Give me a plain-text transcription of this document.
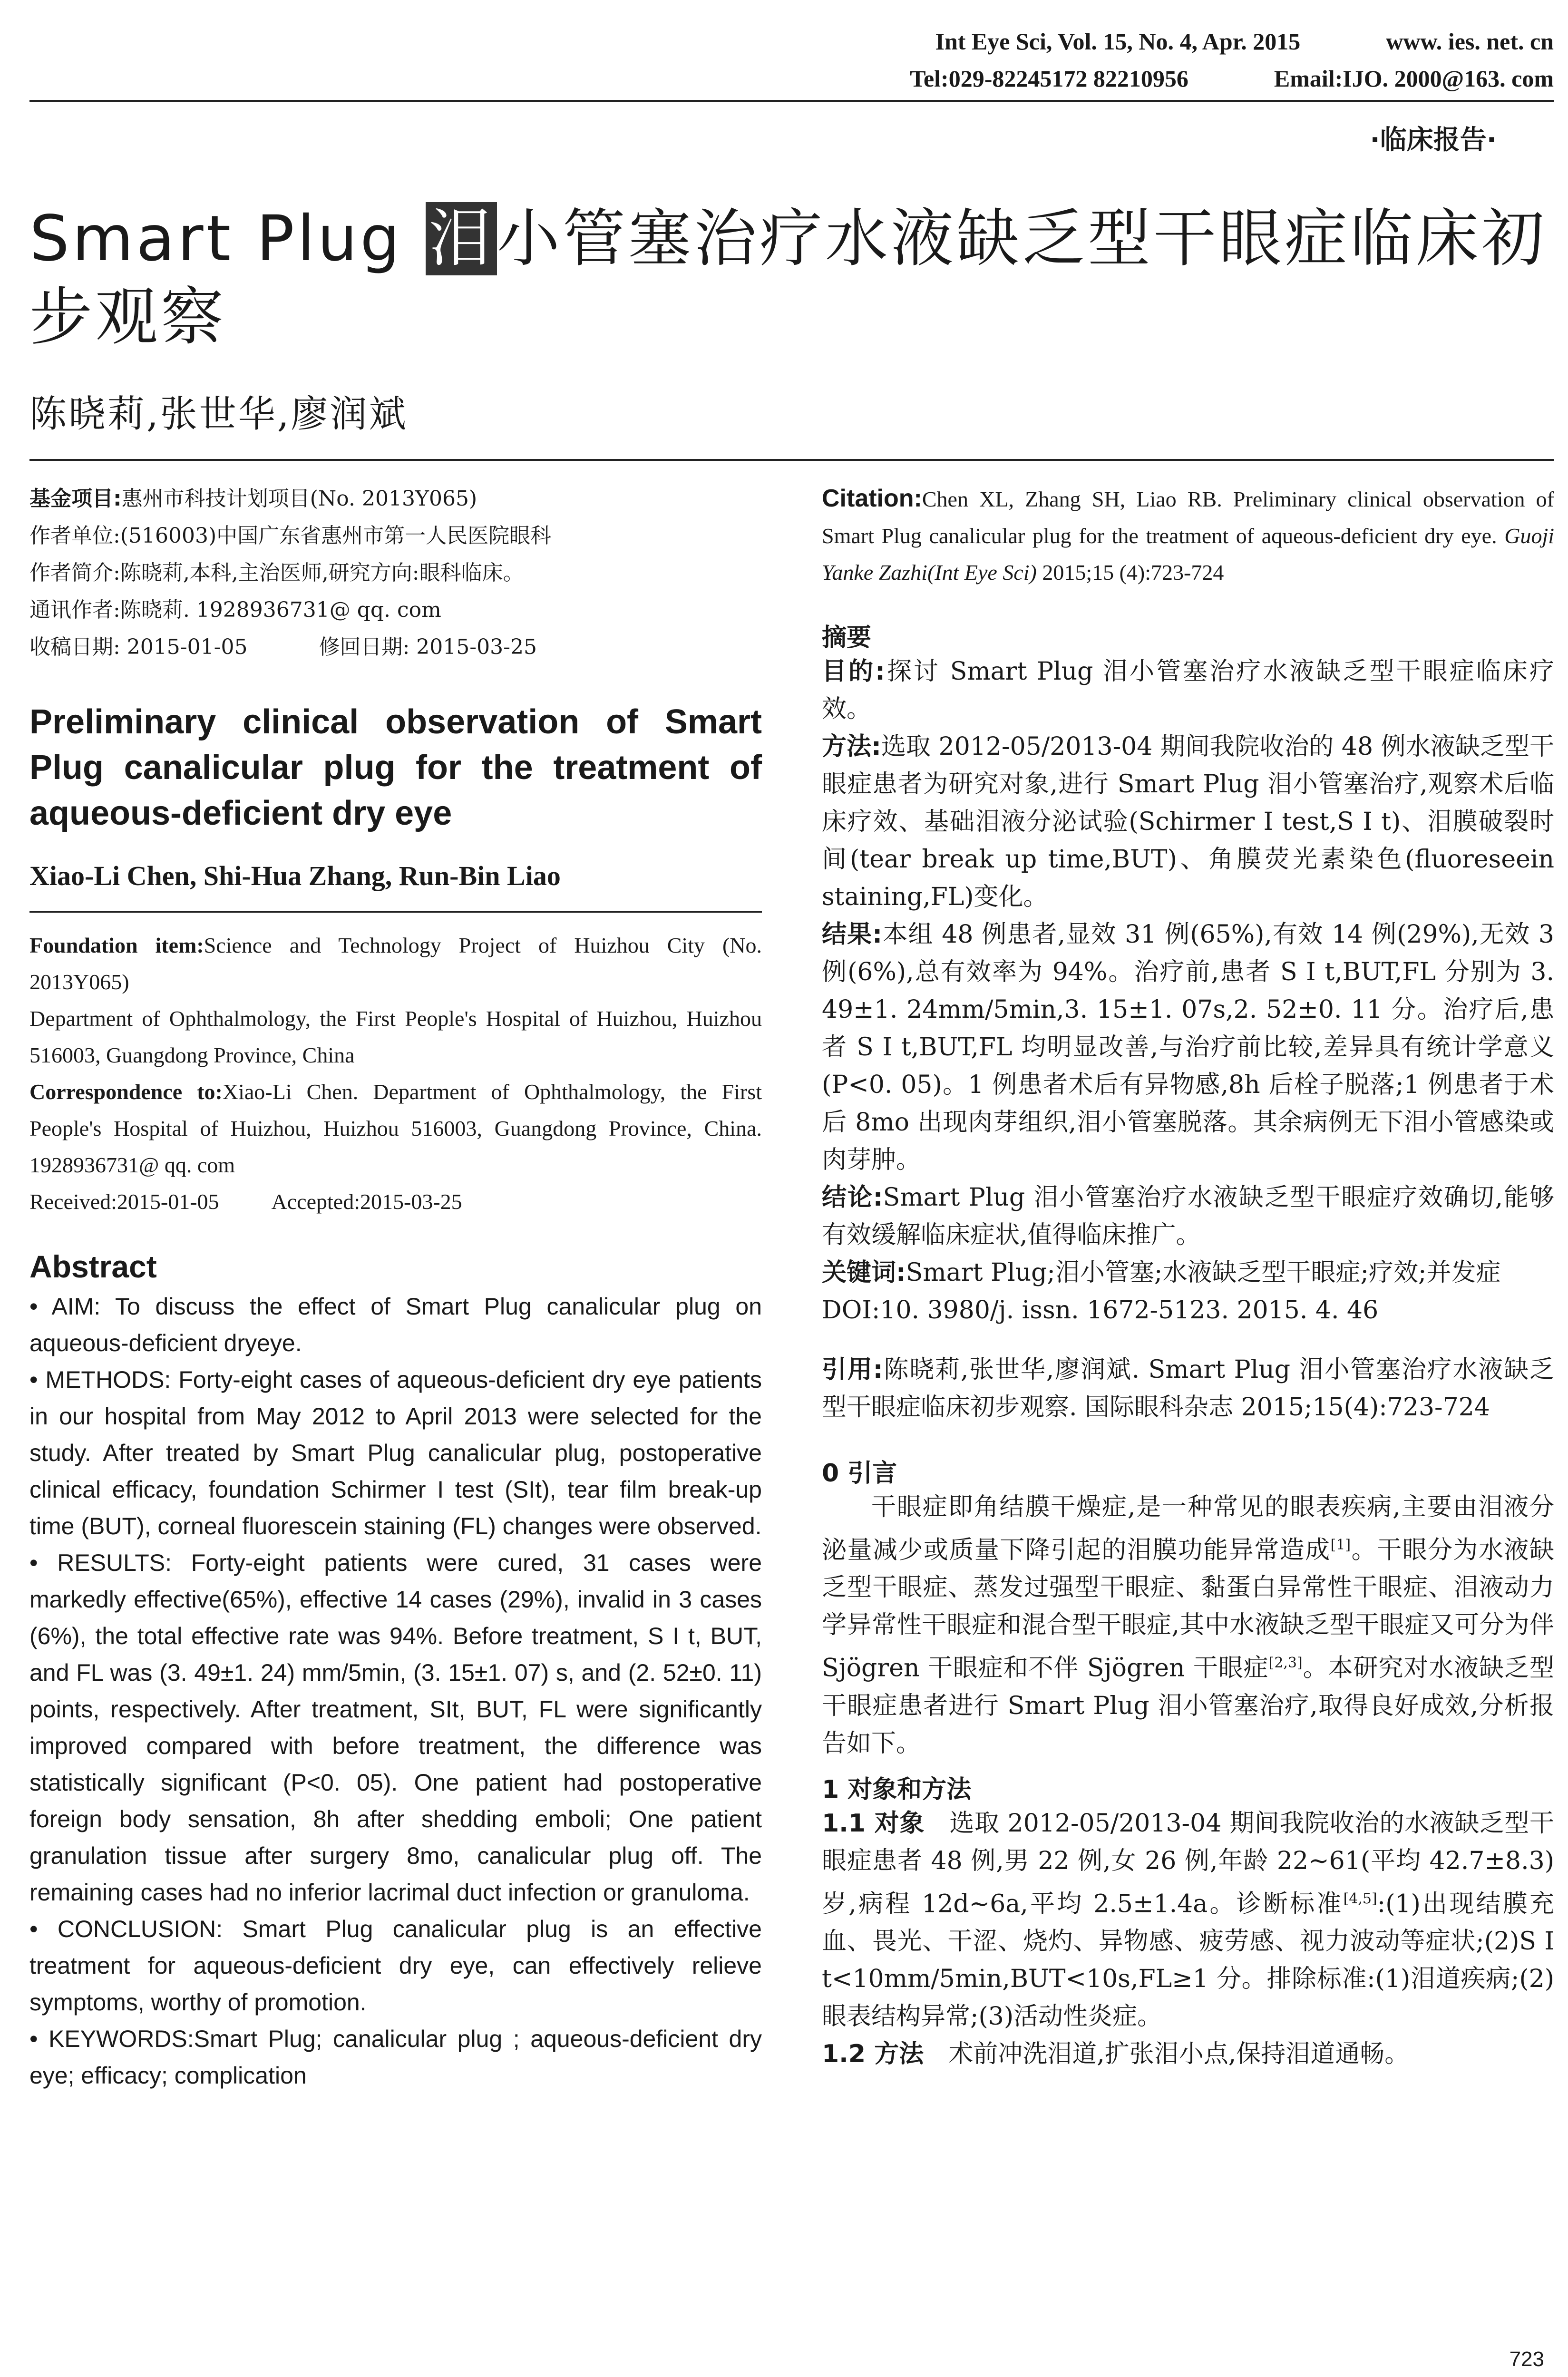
Int Eye Sci, Vol. 15, No. 4, Apr. 2015	www. ies. net. cn
Tel:029-82245172 82210956	Email:IJO. 2000@163. com
·临床报告·
Smart Plug 泪小管塞治疗水液缺乏型干眼症临床初步观察
陈晓莉,张世华,廖润斌
基金项目:惠州市科技计划项目(No. 2013Y065)
作者单位:(516003)中国广东省惠州市第一人民医院眼科
作者简介:陈晓莉,本科,主治医师,研究方向:眼科临床。
通讯作者:陈晓莉. 1928936731@ qq. com
收稿日期: 2015-01-05	修回日期: 2015-03-25
Preliminary clinical observation of Smart Plug canalicular plug for the treatment of aqueous-deficient dry eye
Xiao-Li Chen, Shi-Hua Zhang, Run-Bin Liao
Foundation item:Science and Technology Project of Huizhou City (No. 2013Y065)
Department of Ophthalmology, the First People's Hospital of Huizhou, Huizhou 516003, Guangdong Province, China
Correspondence to:Xiao-Li Chen. Department of Ophthalmology, the First People's Hospital of Huizhou, Huizhou 516003, Guangdong Province, China. 1928936731@ qq. com
Received:2015-01-05 Accepted:2015-03-25
Abstract

• AIM: To discuss the effect of Smart Plug canalicular plug on aqueous-deficient dryeye.

• METHODS: Forty-eight cases of aqueous-deficient dry eye patients in our hospital from May 2012 to April 2013 were selected for the study. After treated by Smart Plug canalicular plug, postoperative clinical efficacy, foundation Schirmer I test (SIt), tear film break-up time (BUT), corneal fluorescein staining (FL) changes were observed.

• RESULTS: Forty-eight patients were cured, 31 cases were markedly effective(65%), effective 14 cases (29%), invalid in 3 cases (6%), the total effective rate was 94%. Before treatment, S I t, BUT, and FL was (3. 49±1. 24) mm/5min, (3. 15±1. 07) s, and (2. 52±0. 11) points, respectively. After treatment, SIt, BUT, FL were significantly improved compared with before treatment, the difference was statistically significant (P<0. 05). One patient had postoperative foreign body sensation, 8h after shedding emboli; One patient granulation tissue after surgery 8mo, canalicular plug off. The remaining cases had no inferior lacrimal duct infection or granuloma.

• CONCLUSION: Smart Plug canalicular plug is an effective treatment for aqueous-deficient dry eye, can effectively relieve symptoms, worthy of promotion.

• KEYWORDS:Smart Plug; canalicular plug ; aqueous-deficient dry eye; efficacy; complication

Citation:Chen XL, Zhang SH, Liao RB. Preliminary clinical observation of Smart Plug canalicular plug for the treatment of aqueous-deficient dry eye. Guoji Yanke Zazhi(Int Eye Sci) 2015;15 (4):723-724
摘要

目的:探讨 Smart Plug 泪小管塞治疗水液缺乏型干眼症临床疗效。

方法:选取 2012-05/2013-04 期间我院收治的 48 例水液缺乏型干眼症患者为研究对象,进行 Smart Plug 泪小管塞治疗,观察术后临床疗效、基础泪液分泌试验(Schirmer I test,S I t)、泪膜破裂时间(tear break up time,BUT)、角膜荧光素染色(fluoreseein staining,FL)变化。

结果:本组 48 例患者,显效 31 例(65%),有效 14 例(29%),无效 3 例(6%),总有效率为 94%。治疗前,患者 S I t,BUT,FL 分别为 3. 49±1. 24mm/5min,3. 15±1. 07s,2. 52±0. 11 分。治疗后,患者 S I t,BUT,FL 均明显改善,与治疗前比较,差异具有统计学意义(P<0. 05)。1 例患者术后有异物感,8h 后栓子脱落;1 例患者于术后 8mo 出现肉芽组织,泪小管塞脱落。其余病例无下泪小管感染或肉芽肿。

结论:Smart Plug 泪小管塞治疗水液缺乏型干眼症疗效确切,能够有效缓解临床症状,值得临床推广。

关键词:Smart Plug;泪小管塞;水液缺乏型干眼症;疗效;并发症

DOI:10. 3980/j. issn. 1672-5123. 2015. 4. 46

引用:陈晓莉,张世华,廖润斌. Smart Plug 泪小管塞治疗水液缺乏型干眼症临床初步观察. 国际眼科杂志 2015;15(4):723-724
0 引言

干眼症即角结膜干燥症,是一种常见的眼表疾病,主要由泪液分泌量减少或质量下降引起的泪膜功能异常造成[1]。干眼分为水液缺乏型干眼症、蒸发过强型干眼症、黏蛋白异常性干眼症、泪液动力学异常性干眼症和混合型干眼症,其中水液缺乏型干眼症又可分为伴 Sjögren 干眼症和不伴 Sjögren 干眼症[2,3]。本研究对水液缺乏型干眼症患者进行 Smart Plug 泪小管塞治疗,取得良好成效,分析报告如下。

1 对象和方法

1.1 对象　 选取 2012-05/2013-04 期间我院收治的水液缺乏型干眼症患者 48 例,男 22 例,女 26 例,年龄 22~61(平均 42.7±8.3)岁,病程 12d~6a,平均 2.5±1.4a。诊断标准[4,5]:(1)出现结膜充血、畏光、干涩、烧灼、异物感、疲劳感、视力波动等症状;(2)S I t<10mm/5min,BUT<10s,FL≥1 分。排除标准:(1)泪道疾病;(2)眼表结构异常;(3)活动性炎症。

1.2 方法　 术前冲洗泪道,扩张泪小点,保持泪道通畅。

723
